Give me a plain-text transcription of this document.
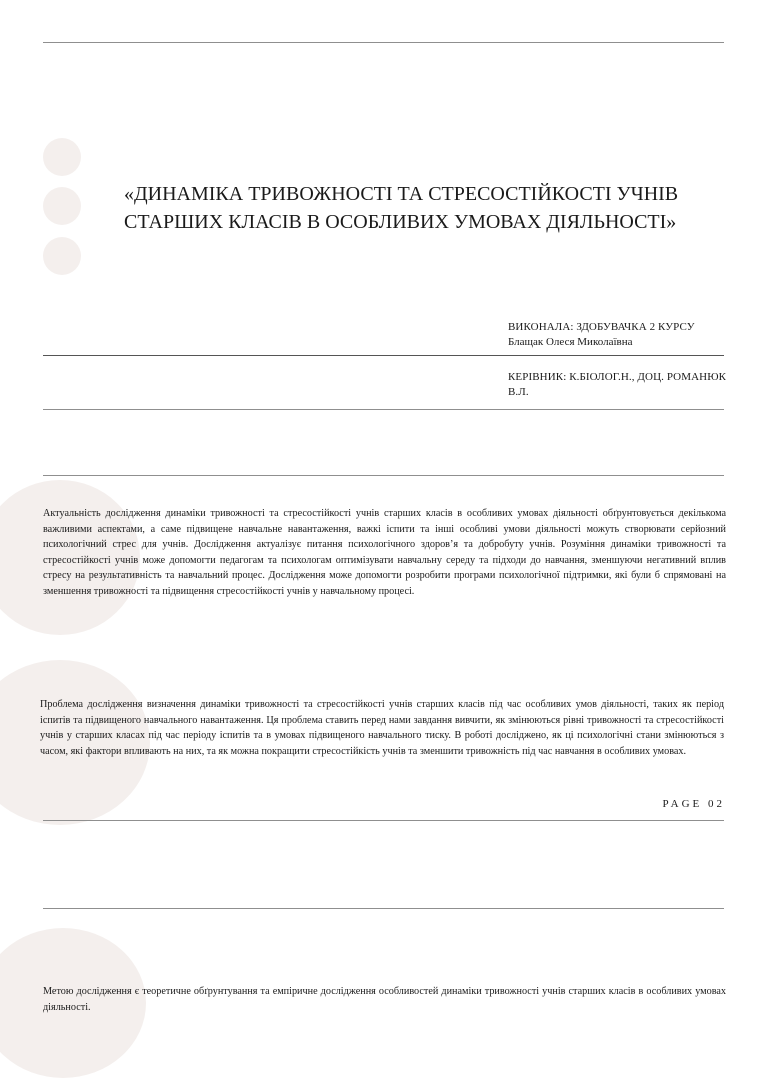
«ДИНАМІКА ТРИВОЖНОСТІ ТА СТРЕСОСТІЙКОСТІ УЧНІВ СТАРШИХ КЛАСІВ В ОСОБЛИВИХ УМОВАХ ДІЯЛЬНОСТІ»
ВИКОНАЛА: ЗДОБУВАЧКА 2 КУРСУ
Блащак Олеся Миколаївна
КЕРІВНИК: К.БІОЛОГ.Н., ДОЦ. РОМАНЮК В.Л.

Актуальність дослідження динаміки тривожності та стресостійкості учнів старших класів в особливих умовах діяльності обґрунтовується декількома важливими аспектами, а саме підвищене навчальне навантаження, важкі іспити та інші особливі умови діяльності можуть створювати серйозний психологічний стрес для учнів. Дослідження актуалізує питання психологічного здоров’я та добробуту учнів. Розуміння динаміки тривожності та стресостійкості учнів може допомогти педагогам та психологам оптимізувати навчальну середу та підходи до навчання, зменшуючи негативний вплив стресу на результативність та навчальний процес. Дослідження може допомогти розробити програми психологічної підтримки, які були б спрямовані на зменшення тривожності та підвищення стресостійкості учнів у навчальному процесі.

Проблема дослідження визначення динаміки тривожності та стресостійкості учнів старших класів під час особливих умов діяльності, таких як період іспитів та підвищеного навчального навантаження. Ця проблема ставить перед нами завдання вивчити, як змінюються рівні тривожності та стресостійкості учнів у старших класах під час періоду іспитів та в умовах підвищеного навчального тиску. В роботі досліджено, як ці психологічні стани змінюються з часом, які фактори впливають на них, та як можна покращити стресостійкість учнів та зменшити тривожність під час навчання в особливих умовах.

PAGE 02

Метою дослідження є теоретичне обґрунтування та емпіричне дослідження особливостей динаміки тривожності учнів старших класів в особливих умовах діяльності.
